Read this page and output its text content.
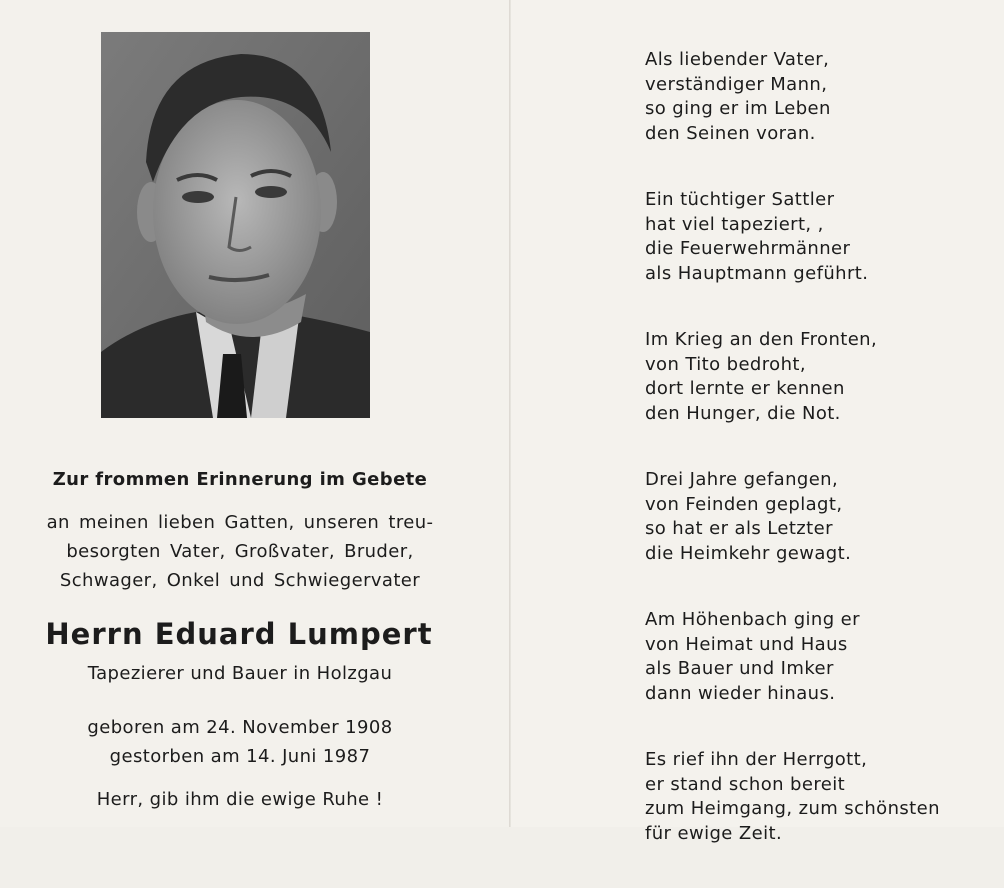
Zur frommen Erinnerung im Gebete
an meinen lieben Gatten, unseren treu-
besorgten Vater, Großvater, Bruder,
Schwager, Onkel und Schwiegervater
Herrn Eduard Lumpert
Tapezierer und Bauer in Holzgau
geboren am 24. November 1908
gestorben am 14. Juni 1987
Herr, gib ihm die ewige Ruhe !
Als liebender Vater,
verständiger Mann,
so ging er im Leben
den Seinen voran.
Ein tüchtiger Sattler
hat viel tapeziert, ,
die Feuerwehrmänner
als Hauptmann geführt.
Im Krieg an den Fronten,
von Tito bedroht,
dort lernte er kennen
den Hunger, die Not.
Drei Jahre gefangen,
von Feinden geplagt,
so hat er als Letzter
die Heimkehr gewagt.
Am Höhenbach ging er
von Heimat und Haus
als Bauer und Imker
dann wieder hinaus.
Es rief ihn der Herrgott,
er stand schon bereit
zum Heimgang, zum schönsten
für ewige Zeit.
